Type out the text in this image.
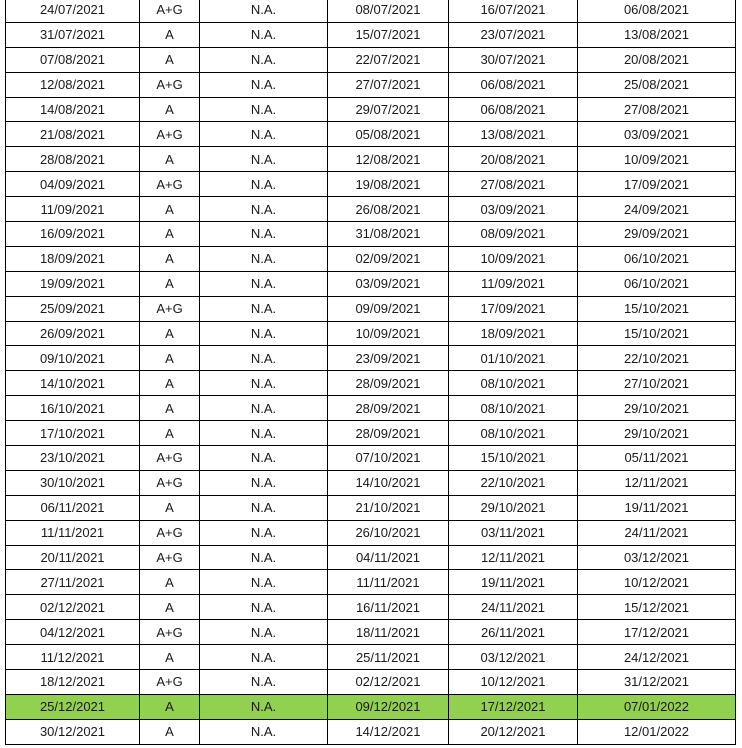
24/07/2021	A+G	N.A.	08/07/2021	16/07/2021	06/08/2021
31/07/2021	A	N.A.	15/07/2021	23/07/2021	13/08/2021
07/08/2021	A	N.A.	22/07/2021	30/07/2021	20/08/2021
12/08/2021	A+G	N.A.	27/07/2021	06/08/2021	25/08/2021
14/08/2021	A	N.A.	29/07/2021	06/08/2021	27/08/2021
21/08/2021	A+G	N.A.	05/08/2021	13/08/2021	03/09/2021
28/08/2021	A	N.A.	12/08/2021	20/08/2021	10/09/2021
04/09/2021	A+G	N.A.	19/08/2021	27/08/2021	17/09/2021
11/09/2021	A	N.A.	26/08/2021	03/09/2021	24/09/2021
16/09/2021	A	N.A.	31/08/2021	08/09/2021	29/09/2021
18/09/2021	A	N.A.	02/09/2021	10/09/2021	06/10/2021
19/09/2021	A	N.A.	03/09/2021	11/09/2021	06/10/2021
25/09/2021	A+G	N.A.	09/09/2021	17/09/2021	15/10/2021
26/09/2021	A	N.A.	10/09/2021	18/09/2021	15/10/2021
09/10/2021	A	N.A.	23/09/2021	01/10/2021	22/10/2021
14/10/2021	A	N.A.	28/09/2021	08/10/2021	27/10/2021
16/10/2021	A	N.A.	28/09/2021	08/10/2021	29/10/2021
17/10/2021	A	N.A.	28/09/2021	08/10/2021	29/10/2021
23/10/2021	A+G	N.A.	07/10/2021	15/10/2021	05/11/2021
30/10/2021	A+G	N.A.	14/10/2021	22/10/2021	12/11/2021
06/11/2021	A	N.A.	21/10/2021	29/10/2021	19/11/2021
11/11/2021	A+G	N.A.	26/10/2021	03/11/2021	24/11/2021
20/11/2021	A+G	N.A.	04/11/2021	12/11/2021	03/12/2021
27/11/2021	A	N.A.	11/11/2021	19/11/2021	10/12/2021
02/12/2021	A	N.A.	16/11/2021	24/11/2021	15/12/2021
04/12/2021	A+G	N.A.	18/11/2021	26/11/2021	17/12/2021
11/12/2021	A	N.A.	25/11/2021	03/12/2021	24/12/2021
18/12/2021	A+G	N.A.	02/12/2021	10/12/2021	31/12/2021
25/12/2021	A	N.A.	09/12/2021	17/12/2021	07/01/2022
30/12/2021	A	N.A.	14/12/2021	20/12/2021	12/01/2022
